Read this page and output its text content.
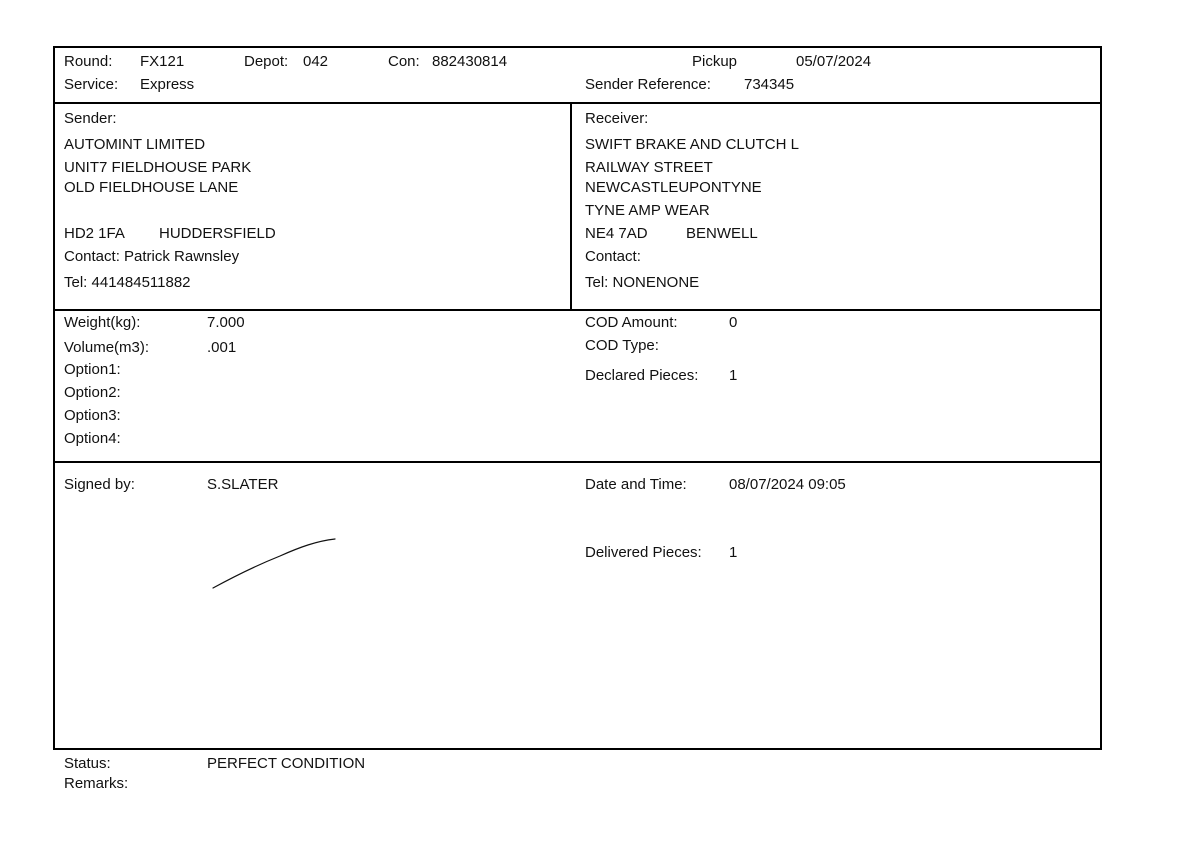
Round: FX121	Depot: 042	Con: 882430814	Pickup	05/07/2024
Service: Express	Sender Reference: 734345
Sender:
AUTOMINT LIMITED
UNIT7 FIELDHOUSE PARK
OLD FIELDHOUSE LANE
HD2 1FA HUDDERSFIELD
Contact: Patrick Rawnsley
Tel: 441484511882
Receiver:
SWIFT BRAKE AND CLUTCH L
RAILWAY STREET
NEWCASTLEUPONTYNE
TYNE AMP WEAR
NE4 7AD	BENWELL
Contact:
Tel: NONENONE
Weight(kg):	7.000
Volume(m3):	.001
Option1:
Option2:
Option3:
Option4:
COD Amount:	0
COD Type:
Declared Pieces: 1
Signed by:	S.SLATER	Date and Time:	08/07/2024 09:05
Delivered Pieces: 1
Status:	PERFECT CONDITION
Remarks:
